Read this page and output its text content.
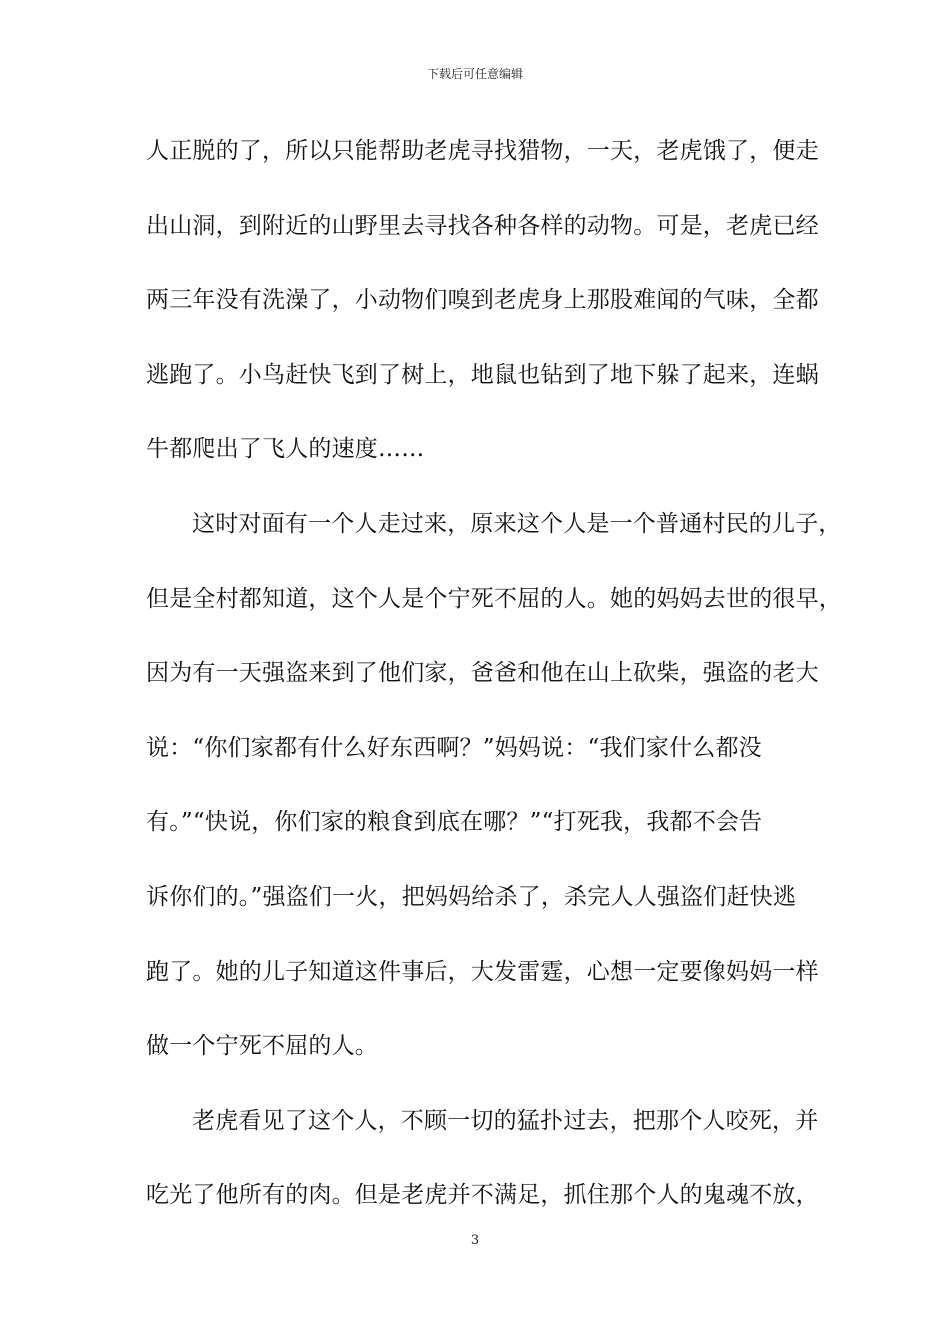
下载后可任意编辑
人正脱的了，所以只能帮助老虎寻找猎物，一天，老虎饿了，便走
出山洞，到附近的山野里去寻找各种各样的动物。可是，老虎已经
两三年没有洗澡了，小动物们嗅到老虎身上那股难闻的气味，全都
逃跑了。小鸟赶快飞到了树上，地鼠也钻到了地下躲了起来，连蜗
牛都爬出了飞人的速度……
这时对面有一个人走过来，原来这个人是一个普通村民的儿子，
但是全村都知道，这个人是个宁死不屈的人。她的妈妈去世的很早，
因为有一天强盗来到了他们家，爸爸和他在山上砍柴，强盗的老大
说：“你们家都有什么好东西啊？”妈妈说：“我们家什么都没
有。”“快说，你们家的粮食到底在哪？”“打死我，我都不会告
诉你们的。”强盗们一火，把妈妈给杀了，杀完人人强盗们赶快逃
跑了。她的儿子知道这件事后，大发雷霆，心想一定要像妈妈一样
做一个宁死不屈的人。
老虎看见了这个人，不顾一切的猛扑过去，把那个人咬死，并
吃光了他所有的肉。但是老虎并不满足，抓住那个人的鬼魂不放，
3
